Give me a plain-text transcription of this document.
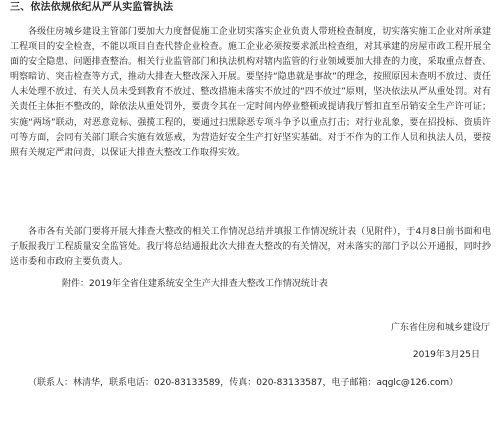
三、依法依规依纪从严从实监管执法

各级住房城乡建设主管部门要加大力度督促施工企业切实落实企业负责人带班检查制度，切实落实施工企业对所承建工程项目的安全检查，不能以项目自查代替企业检查。施工企业必须按要求派出检查组，对其承建的房屋市政工程开展全面的安全隐患、问题排查整治。相关行业监管部门和执法机构对辖内监管的行业领域要加大排查的力度，采取重点督查、明察暗访、突击检查等方式，推动大排查大整改深入开展。要坚持“隐患就是事故”的理念，按照原因未查明不放过、责任人未处理不放过、有关人员未受到教育不放过、整改措施未落实不放过的“四不放过”原则，坚决依法从严从重处罚。对有关责任主体拒不整改的，除依法从重处罚外，要责令其在一定时间内停业整顿或提请我厅暂扣直至吊销安全生产许可证；实施“两场”联动，对恶意竞标、强揽工程的，要通过扫黑除恶专项斗争予以重点打击；对行业乱象，要在招投标、资质许可等方面，会同有关部门联合实施有效惩戒，为营造好安全生产打好坚实基础。对于不作为的工作人员和执法人员，要按照有关规定严肃问责，以保证大排查大整改工作取得实效。

各市各有关部门要将开展大排查大整改的相关工作情况总结并填报工作情况统计表（见附件），于4月8日前书面和电子版报我厅工程质量安全监管处。我厅将总结通报此次大排查大整改的有关情况，对未落实的部门予以公开通报，同时抄送市委和市政府主要负责人。

附件：2019年全省住建系统安全生产大排查大整改工作情况统计表
广东省住房和城乡建设厅
2019年3月25日

（联系人：林清华，联系电话：020-83133589，传真：020-83133587，电子邮箱：aqglc@126.com）
